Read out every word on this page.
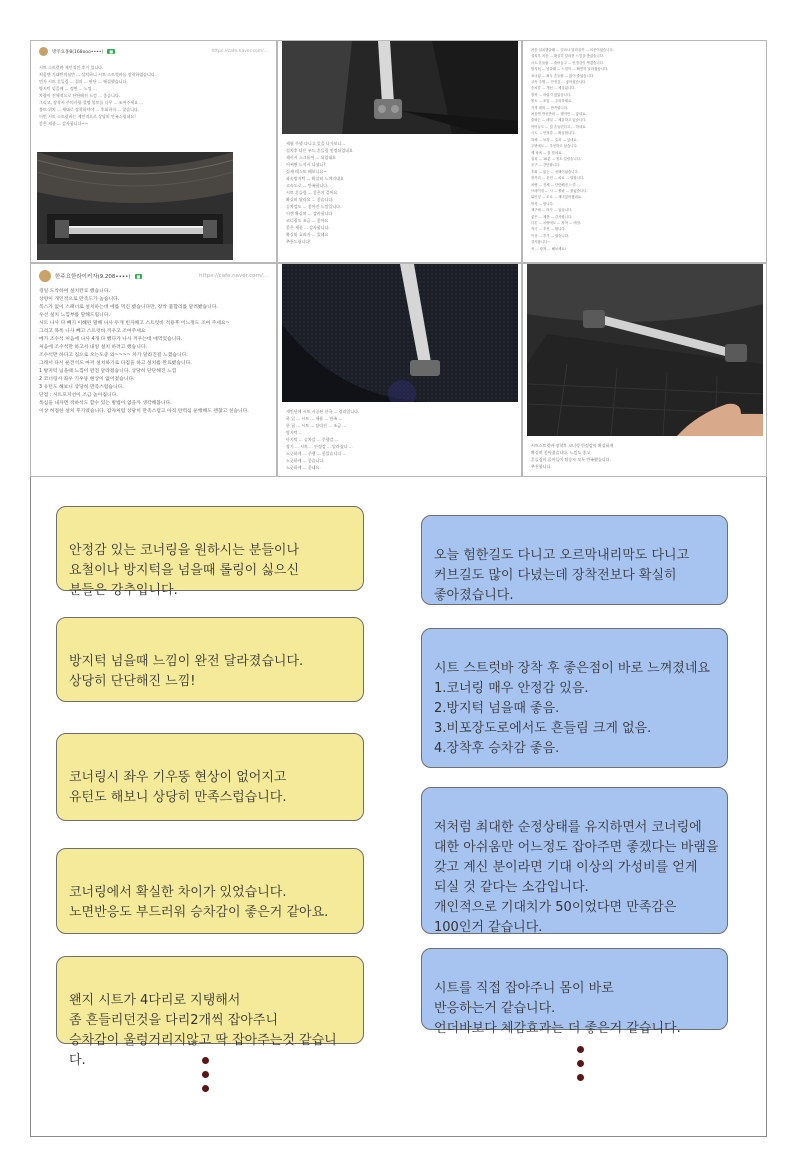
방주요홍8(168ooo••••)	■	https://cafe.naver.com/...

시트 스트럿바 제인적인 후기 입니다.

처음엔 기대반의심반 ... 설치하니 시트 스트럿바를 장착하였습니다.

먼저 시트 흔들림 ... 결과 ... 판단 ... 해결했습니다.

방지턱 넘을때 ... 정면 ... 느낌 ...

차량이 전체적으로 단단해진 느낌 ... 좋습니다.

그리고, 장착시 주의사항 설명 볼트를 너무 ... 조여주세요 ...

볼트 위치 ... 제대로 장착하셔야 ... 후회하지 ... 않습니다.

이번 시트 스트럿바는 제인적으로 상당히 만족스럽네요!

좋은 제품 ... 감사합니다~~

세월 주행 다니고 있을 나가보니...

설치후 다른 부드 흔들림 인정되었네요

제이시 스크롤이 ... 되었네요

어쩌면 느끼시 나셨나?

실제 테스트 해보니요~

과속방지턱 ... 확실히 느껴지네요

고속도로 ... 만족합니다.

시트 흔들림 ... 좋은거 같아요

확실히 달라요 ... 좋습니다.

승차감도 ... 좋아진 느낌입니다.

이젠 확실히 ... 감사합니다

코너링도 조금 ... 좋아요

좋은 제품 ... 감사합니다.

확실히 효과가 ... 있네요

추천드립니다!

처음 설치했을때 ... 얼마나 달라질까 ... 의문이었습니다.

설치후 처음 ... 확실히 달라진 느낌을 받았습니다.

시트 흔들림 ... 줄어들고 ... 안정감이 생겼습니다.

방지턱 ... 넘을때 ... 느낌이 ... 확연히 달라졌습니다.

코너링 ... 좌우 흔들림 ... 많이 줄었습니다.

고속 주행 ... 안정감 ... 좋아졌습니다.

승차감 ... 개선 ... 체감됩니다.

장착 ... 어렵지 않았습니다.

볼트 ... 조임 ... 주의하세요.

가격 대비 ... 만족합니다.

처음엔 반신반의 ... 했지만 ... 좋네요.

출퇴근 ... 매일 ... 체감하고 있습니다.

아이들도 ... 덜 흔들린다고 ... 하네요.

시트 ... 안정감 ... 확실합니다.

하체 ... 보강 ... 효과 ... 있네요.

주변에도 ... 추천하고 싶습니다.

제 차에 ... 잘 맞네요.

설치 ... 10분 ... 정도 걸렸습니다.

공구 ... 간단합니다.

후회 ... 없는 ... 선택이었습니다.

장거리 ... 운전 ... 피로 ... 덜합니다.

차량 ... 전체 ... 단단해진 느낌.

브레이킹 ... 시 ... 쏠림 ... 줄었습니다.

와인딩 ... 도로 ... 재미있어졌네요.

만족 ... 합니다.

재구매 ... 의사 ... 있습니다.

좋은 ... 제품 ... 감사합니다.

다른 ... 차량에도 ... 장착 ... 예정.

적극 ... 추천 ... 합니다.

이상 ... 후기 ... 였습니다.

감사합니다~

꼭 ... 장착 ... 해보세요!

한주요한라이커자(9.208••••)	■	https://cafe.naver.com/...

굉일 도착하여 설치완료 했습니다.

상양이 개인적으로 만족도가 높습니다.

복스가 없어 스패너로 설치하는데 애를 먹긴 했습니다만, 장착 불합리를 달려봤습니다.

우선 설치 느낌부를 말해드립니다.

시트 나사 다 빼기 이해된 말해 나사 두개 빈자해고 스트럿바 적용후 어느정도 조여 주세요~

그리고 목록 나사 빼고 스트럿바 끼우고 조여주세요

메가 조수석 처음에 나사 4개 다 뺐다가 나사 끼우는데 애먹었습니다.

처음에 조수석만 하고서 내일 설치 하려고 했습니다.

조수석만 하다고 집으로 오는도중 와~~~~ 차가 달라진걸 느꼈습니다.

그래서 다시 운전석도 마저 설치하기로 다짐을 하고 설치를 완료했습니다.

1 방지턱 넘을때 느낌이 완전 달라졌습니다. 상당히 단단해진 느낌

2 코너링시 좌우 기우뚱 현상이 없어졌습니다.

3 유턴도 해보니 상당히 만족스럽습니다.

단점 : 시트포지션이 조금 높아집니다.

톡심을 내자면 적하석도 할수 있는 방법이 없을까 생각해봅니다.

이상 허접한 설치 후기였습니다. 감자처럼 상당히 만족스럽고 아직 탄력심 운행해도 괜찮고 싶습니다.	개인년에 시트 시공된 한국 ... 결과입니다.

하 일 ... 시트 ... 제품 ... 만족 ...

한 필 ... 시트 ... 달라진 ... 조금 ...

방지턱 ...

마지막 ... 승차감 ... 주행감 ...

장기 ... 시트 ... 안정감 ... 달라졌다 ...

느긋하게 ... 주행 ... 좋았습니다 ...

느긋하게 ... 좋습니다.

느긋하게 ... 좋네요.

시트스트럿바 장착후 코너링 안정감이 확실하게

확실히 좋아졌습니다. 느낌도 좋고

흔들림이 줄어들어 탑승자 모두 만족했습니다.

추천합니다.

안정감 있는 코너링을 원하시는 분들이나
요철이나 방지턱을 넘을때 롤링이 싫으신
분들은 강추입니다.

방지턱 넘을때 느낌이 완전 달라졌습니다.
상당히 단단해진 느낌!

코너링시 좌우 기우뚱 현상이 없어지고
유턴도 해보니 상당히 만족스럽습니다.

코너링에서 확실한 차이가 있었습니다.
노면반응도 부드러워 승차감이 좋은거 같아요.

왠지 시트가 4다리로 지탱해서
좀 흔들리던것을 다리2개씩 잡아주니
승차감이 울렁거리지않고 딱 잡아주는것 같습니다.

오늘 험한길도 다니고 오르막내리막도 다니고
커브길도 많이 다녔는데 장착전보다 확실히
좋아졌습니다.

시트 스트럿바 장착 후 좋은점이 바로 느껴졌네요
1.코너링 매우 안정감 있음.
2.방지턱 넘을때 좋음.
3.비포장도로에서도 흔들림 크게 없음.
4.장착후 승차감 좋음.

저처럼 최대한 순정상태를 유지하면서 코너링에
대한 아쉬움만 어느정도 잡아주면 좋겠다는 바램을
갖고 계신 분이라면 기대 이상의 가성비를 얻게
되실 것 같다는 소감입니다.
개인적으로 기대치가 50이었다면 만족감은
100인거 같습니다.

시트를 직접 잡아주니 몸이 바로
반응하는거 같습니다.
언더바보다 체감효과는 더 좋은거 같습니다.
